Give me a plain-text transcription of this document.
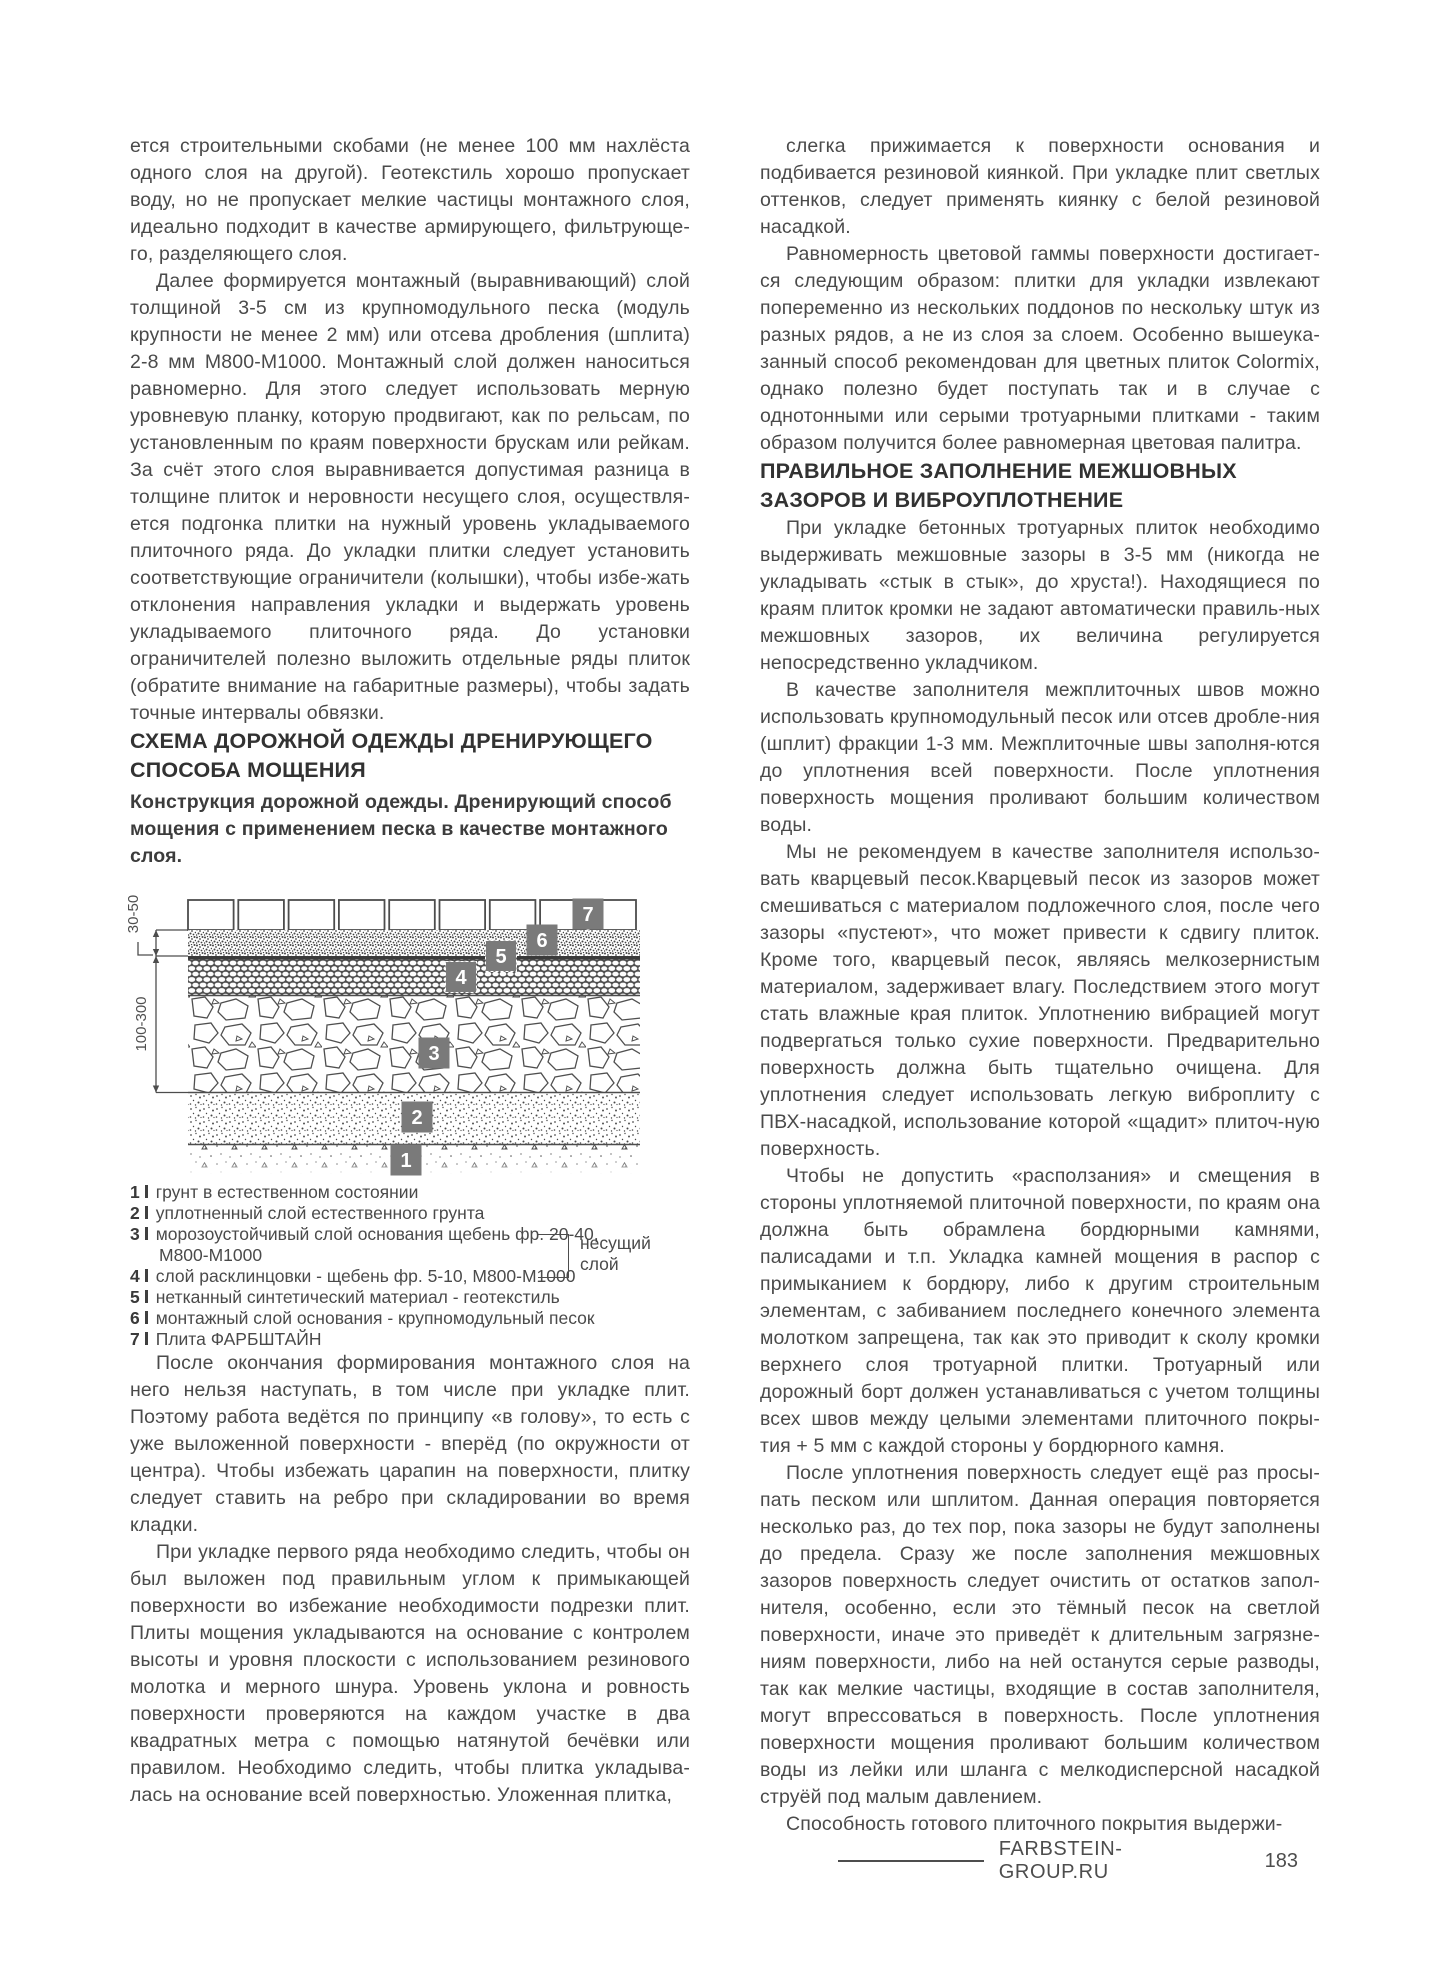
ется строительными скобами (не менее 100 мм нахлёста одного слоя на другой). Геотекстиль хорошо пропускает воду, но не пропускает мелкие частицы монтажного слоя, идеально подходит в качестве армирующего, фильтрующе-го, разделяющего слоя.

Далее формируется монтажный (выравнивающий) слой толщиной 3-5 см из крупномодульного песка (модуль крупности не менее 2 мм) или отсева дробления (шплита) 2-8 мм М800-М1000. Монтажный слой должен наноситься равномерно. Для этого следует использовать мерную уровневую планку, которую продвигают, как по рельсам, по установленным по краям поверхности брускам или рейкам. За счёт этого слоя выравнивается допустимая разница в толщине плиток и неровности несущего слоя, осуществля-ется подгонка плитки на нужный уровень укладываемого плиточного ряда. До укладки плитки следует установить соответствующие ограничители (колышки), чтобы избе-жать отклонения направления укладки и выдержать уровень укладываемого плиточного ряда. До установки ограничителей полезно выложить отдельные ряды плиток (обратите внимание на габаритные размеры), чтобы задать точные интервалы обвязки.

СХЕМА ДОРОЖНОЙ ОДЕЖДЫ ДРЕНИРУЮЩЕГО СПОСОБА МОЩЕНИЯ

Конструкция дорожной одежды. Дренирующий способ мощения с применением песка в качестве монтажного слоя.

30-50
100-300
7
6
5
4
3
2
1
1 грунт в естественном состоянии
2 уплотненный слой естественного грунта
3 морозоустойчивый слой основания щебень фр. 20-40,
М800-М1000
4 слой расклинцовки - щебень фр. 5-10, М800-М1000
5 нетканный синтетический материал - геотекстиль
6 монтажный слой основания - крупномодульный песок
7 Плита ФАРБШТАЙН
несущий слой

После окончания формирования монтажного слоя на него нельзя наступать, в том числе при укладке плит. Поэтому работа ведётся по принципу «в голову», то есть с уже выложенной поверхности - вперёд (по окружности от центра). Чтобы избежать царапин на поверхности, плитку следует ставить на ребро при складировании во время кладки.

При укладке первого ряда необходимо следить, чтобы он был выложен под правильным углом к примыкающей поверхности во избежание необходимости подрезки плит. Плиты мощения укладываются на основание с контролем высоты и уровня плоскости с использованием резинового молотка и мерного шнура. Уровень уклона и ровность поверхности проверяются на каждом участке в два квадратных метра с помощью натянутой бечёвки или правилом. Необходимо следить, чтобы плитка укладыва-лась на основание всей поверхностью. Уложенная плитка,

слегка прижимается к поверхности основания и подбивается резиновой киянкой. При укладке плит светлых оттенков, следует применять киянку с белой резиновой насадкой.

Равномерность цветовой гаммы поверхности достигает-ся следующим образом: плитки для укладки извлекают попеременно из нескольких поддонов по нескольку штук из разных рядов, а не из слоя за слоем. Особенно вышеука-занный способ рекомендован для цветных плиток Colormix, однако полезно будет поступать так и в случае с однотонными или серыми тротуарными плитками - таким образом получится более равномерная цветовая палитра.

ПРАВИЛЬНОЕ ЗАПОЛНЕНИЕ МЕЖШОВНЫХ ЗАЗОРОВ И ВИБРОУПЛОТНЕНИЕ

При укладке бетонных тротуарных плиток необходимо выдерживать межшовные зазоры в 3-5 мм (никогда не укладывать «стык в стык», до хруста!). Находящиеся по краям плиток кромки не задают автоматически правиль-ных межшовных зазоров, их величина регулируется непосредственно укладчиком.

В качестве заполнителя межплиточных швов можно использовать крупномодульный песок или отсев дробле-ния (шплит) фракции 1-3 мм. Межплиточные швы заполня-ются до уплотнения всей поверхности. После уплотнения поверхность мощения проливают большим количеством воды.

Мы не рекомендуем в качестве заполнителя использо-вать кварцевый песок.Кварцевый песок из зазоров может смешиваться с материалом подложечного слоя, после чего зазоры «пустеют», что может привести к сдвигу плиток. Кроме того, кварцевый песок, являясь мелкозернистым материалом, задерживает влагу. Последствием этого могут стать влажные края плиток. Уплотнению вибрацией могут подвергаться только сухие поверхности. Предварительно поверхность должна быть тщательно очищена. Для уплотнения следует использовать легкую виброплиту с ПВХ-насадкой, использование которой «щадит» плиточ-ную поверхность.

Чтобы не допустить «расползания» и смещения в стороны уплотняемой плиточной поверхности, по краям она должна быть обрамлена бордюрными камнями, палисадами и т.п. Укладка камней мощения в распор с примыканием к бордюру, либо к другим строительным элементам, с забиванием последнего конечного элемента молотком запрещена, так как это приводит к сколу кромки верхнего слоя тротуарной плитки. Тротуарный или дорожный борт должен устанавливаться с учетом толщины всех швов между целыми элементами плиточного покры-тия + 5 мм с каждой стороны у бордюрного камня.

После уплотнения поверхность следует ещё раз просы-пать песком или шплитом. Данная операция повторяется несколько раз, до тех пор, пока зазоры не будут заполнены до предела. Сразу же после заполнения межшовных зазоров поверхность следует очистить от остатков запол-нителя, особенно, если это тёмный песок на светлой поверхности, иначе это приведёт к длительным загрязне-ниям поверхности, либо на ней останутся серые разводы, так как мелкие частицы, входящие в состав заполнителя, могут впрессоваться в поверхность. После уплотнения поверхности мощения проливают большим количеством воды из лейки или шланга с мелкодисперсной насадкой струёй под малым давлением.

Способность готового плиточного покрытия выдержи-

FARBSTEIN-GROUP.RU
183
